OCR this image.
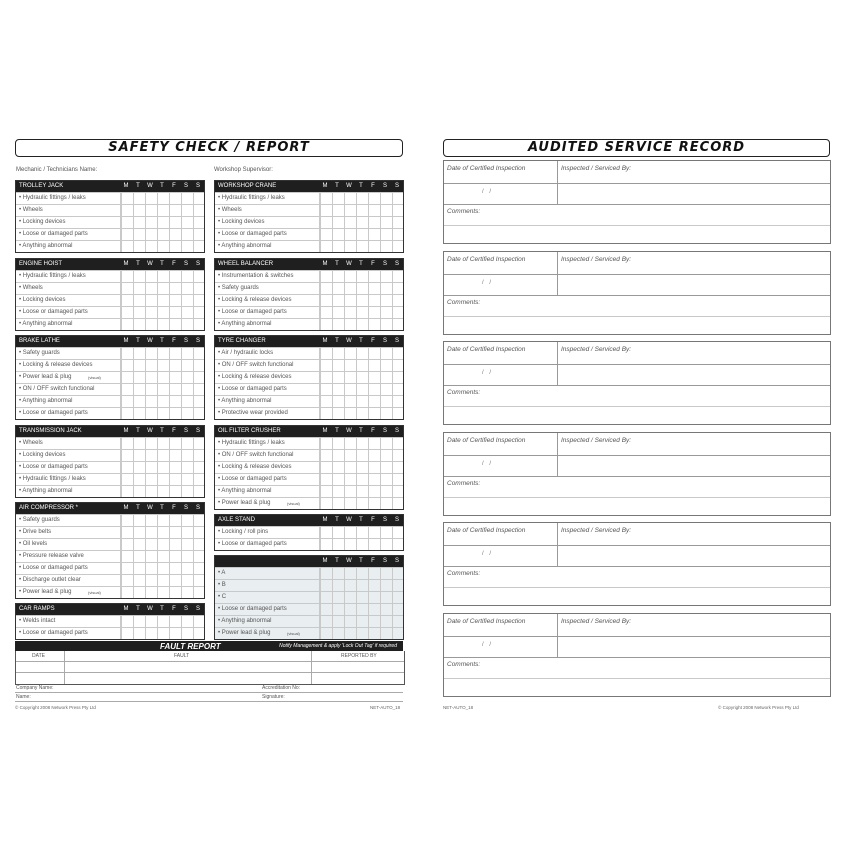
SAFETY CHECK / REPORT
Mechanic / Technicians Name:	Workshop Supervisor:
TROLLEY JACK	M	T	W	T	F	S	S
• Hydraulic fittings / leaks
• Wheels
• Locking devices
• Loose or damaged parts
• Anything abnormal
WORKSHOP CRANE	M	T	W	T	F	S	S
• Hydraulic fittings / leaks
• Wheels
• Locking devices
• Loose or damaged parts
• Anything abnormal
ENGINE HOIST	M	T	W	T	F	S	S
• Hydraulic fittings / leaks
• Wheels
• Locking devices
• Loose or damaged parts
• Anything abnormal
WHEEL BALANCER	M	T	W	T	F	S	S
• Instrumentation & switches
• Safety guards
• Locking & release devices
• Loose or damaged parts
• Anything abnormal
BRAKE LATHE	M	T	W	T	F	S	S
• Safety guards
• Locking & release devices
• Power lead & plug	(visual)
• ON / OFF switch functional
• Anything abnormal
• Loose or damaged parts
TYRE CHANGER	M	T	W	T	F	S	S
• Air / hydraulic locks
• ON / OFF switch functional
• Locking & release devices
• Loose or damaged parts
• Anything abnormal
• Protective wear provided
TRANSMISSION JACK	M	T	W	T	F	S	S
• Wheels
• Locking devices
• Loose or damaged parts
• Hydraulic fittings / leaks
• Anything abnormal
OIL FILTER CRUSHER	M	T	W	T	F	S	S
• Hydraulic fittings / leaks
• ON / OFF switch functional
• Locking & release devices
• Loose or damaged parts
• Anything abnormal
• Power lead & plug	(visual)
AIR COMPRESSOR *	M	T	W	T	F	S	S
• Safety guards
• Drive belts
• Oil levels
• Pressure release valve
• Loose or damaged parts
• Discharge outlet clear
• Power lead & plug	(visual)
AXLE STAND	M	T	W	T	F	S	S
• Locking / roll pins
• Loose or damaged parts
CAR RAMPS	M	T	W	T	F	S	S
• Welds intact
• Loose or damaged parts
M	T	W	T	F	S	S
• A
• B
• C
• Loose or damaged parts
• Anything abnormal
• Power lead & plug	(visual)
FAULT REPORT	Notify Management & apply 'Lock Out Tag' if required
DATE	FAULT	REPORTED BY
Company Name:	Accreditation No:
Name:	Signature:
© Copyright 2008 Network Press Pty Ltd	NET-AUTO_18
AUDITED SERVICE RECORD
Date of Certified Inspection	Inspected / Serviced By:
/ /
Comments:
Date of Certified Inspection	Inspected / Serviced By:
/ /
Comments:
Date of Certified Inspection	Inspected / Serviced By:
/ /
Comments:
Date of Certified Inspection	Inspected / Serviced By:
/ /
Comments:
Date of Certified Inspection	Inspected / Serviced By:
/ /
Comments:
Date of Certified Inspection	Inspected / Serviced By:
/ /
Comments:
NET-AUTO_18	© Copyright 2008 Network Press Pty Ltd
